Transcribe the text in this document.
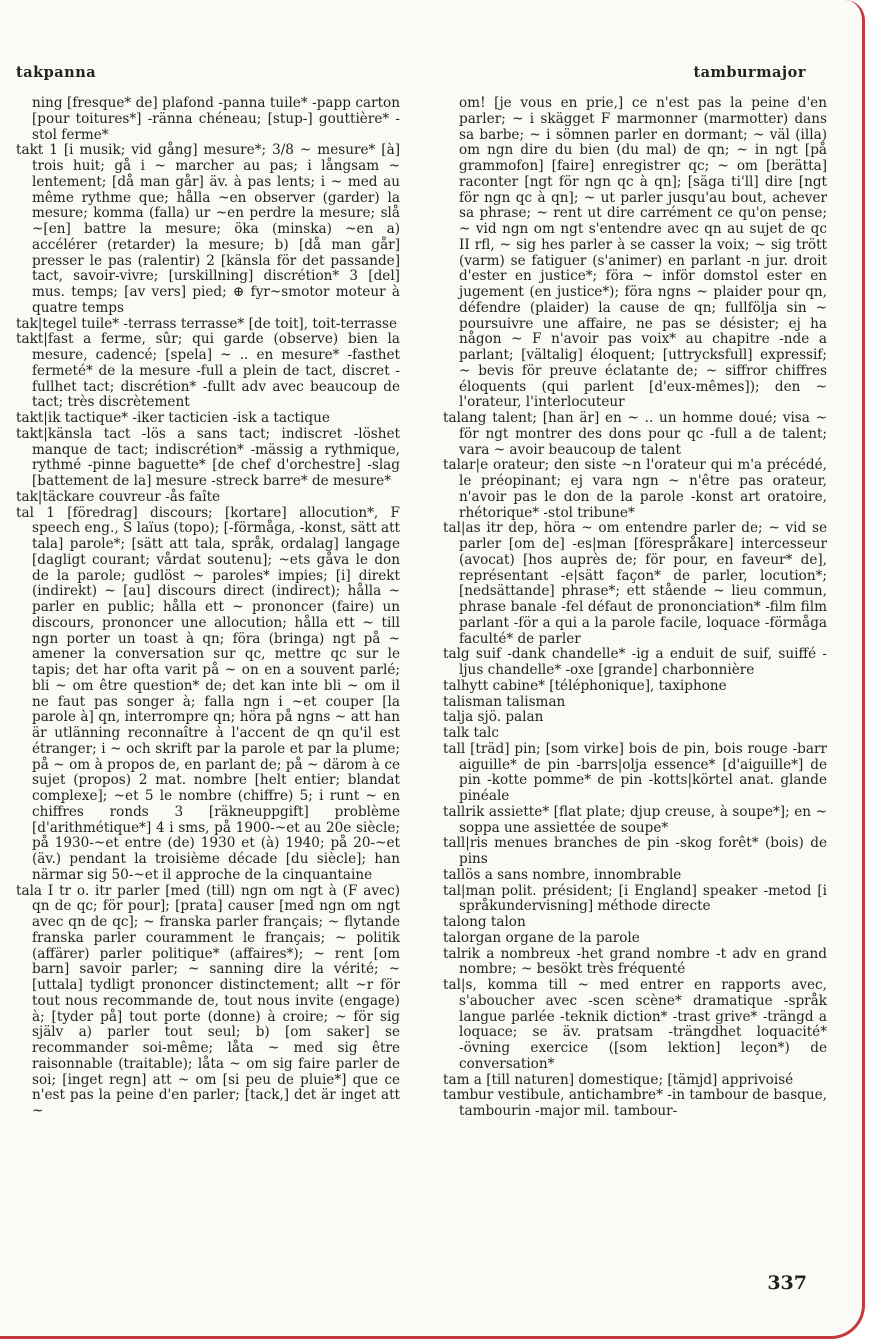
takpanna	tamburmajor

ning [fresque* de] plafond -panna tuile* -papp carton [pour toitures*] -ränna chéneau; [stup-] gouttière* -stol ferme*

takt 1 [i musik; vid gång] mesure*; 3/8 ~ mesure* [à] trois huit; gå i ~ marcher au pas; i långsam ~ lentement; [då man går] äv. à pas lents; i ~ med au même rythme que; hålla ~en observer (garder) la mesure; komma (falla) ur ~en perdre la mesure; slå ~[en] battre la mesure; öka (minska) ~en a) accélérer (retarder) la mesure; b) [då man går] presser le pas (ralentir) 2 [känsla för det passande] tact, savoir-vivre; [urskillning] discrétion* 3 [del] mus. temps; [av vers] pied; ⊕ fyr~smotor moteur à quatre temps

tak|tegel tuile* -terrass terrasse* [de toit], toit-terrasse

takt|fast a ferme, sûr; qui garde (observe) bien la mesure, cadencé; [spela] ~ .. en mesure* -fasthet fermeté* de la mesure -full a plein de tact, discret -fullhet tact; discrétion* -fullt adv avec beaucoup de tact; très discrètement

takt|ik tactique* -iker tacticien -isk a tactique

takt|känsla tact -lös a sans tact; indiscret -löshet manque de tact; indiscrétion* -mässig a rythmique, rythmé -pinne baguette* [de chef d'orchestre] -slag [battement de la] mesure -streck barre* de mesure*

tak|täckare couvreur -ås faîte

tal 1 [föredrag] discours; [kortare] allocution*, F speech eng., S laïus (topo); [-förmåga, -konst, sätt att tala] parole*; [sätt att tala, språk, ordalag] langage [dagligt courant; vårdat soutenu]; ~ets gåva le don de la parole; gudlöst ~ paroles* impies; [i] direkt (indirekt) ~ [au] discours direct (indirect); hålla ~ parler en public; hålla ett ~ prononcer (faire) un discours, prononcer une allocution; hålla ett ~ till ngn porter un toast à qn; föra (bringa) ngt på ~ amener la conversation sur qc, mettre qc sur le tapis; det har ofta varit på ~ on en a souvent parlé; bli ~ om être question* de; det kan inte bli ~ om il ne faut pas songer à; falla ngn i ~et couper [la parole à] qn, interrompre qn; höra på ngns ~ att han är utlänning reconnaître à l'accent de qn qu'il est étranger; i ~ och skrift par la parole et par la plume; på ~ om à propos de, en parlant de; på ~ därom à ce sujet (propos) 2 mat. nombre [helt entier; blandat complexe]; ~et 5 le nombre (chiffre) 5; i runt ~ en chiffres ronds 3 [räkneuppgift] problème [d'arithmétique*] 4 i sms, på 1900-~et au 20e siècle; på 1930-~et entre (de) 1930 et (à) 1940; på 20-~et (äv.) pendant la troisième décade [du siècle]; han närmar sig 50-~et il approche de la cinquantaine

tala I tr o. itr parler [med (till) ngn om ngt à (F avec) qn de qc; för pour]; [prata] causer [med ngn om ngt avec qn de qc]; ~ franska parler français; ~ flytande franska parler couramment le français; ~ politik (affärer) parler politique* (affaires*); ~ rent [om barn] savoir parler; ~ sanning dire la vérité; ~ [uttala] tydligt prononcer distinctement; allt ~r för tout nous recommande de, tout nous invite (engage) à; [tyder på] tout porte (donne) à croire; ~ för sig själv a) parler tout seul; b) [om saker] se recommander soi-même; låta ~ med sig être raisonnable (traitable); låta ~ om sig faire parler de soi; [inget regn] att ~ om [si peu de pluie*] que ce n'est pas la peine d'en parler; [tack,] det är inget att ~

om! [je vous en prie,] ce n'est pas la peine d'en parler; ~ i skägget F marmonner (marmotter) dans sa barbe; ~ i sömnen parler en dormant; ~ väl (illa) om ngn dire du bien (du mal) de qn; ~ in ngt [på grammofon] [faire] enregistrer qc; ~ om [berätta] raconter [ngt för ngn qc à qn]; [säga ti'll] dire [ngt för ngn qc à qn]; ~ ut parler jusqu'au bout, achever sa phrase; ~ rent ut dire carrément ce qu'on pense; ~ vid ngn om ngt s'entendre avec qn au sujet de qc II rfl, ~ sig hes parler à se casser la voix; ~ sig trött (varm) se fatiguer (s'animer) en parlant -n jur. droit d'ester en justice*; föra ~ inför domstol ester en jugement (en justice*); föra ngns ~ plaider pour qn, défendre (plaider) la cause de qn; fullfölja sin ~ poursuivre une affaire, ne pas se désister; ej ha någon ~ F n'avoir pas voix* au chapitre -nde a parlant; [vältalig] éloquent; [uttrycksfull] expressif; ~ bevis för preuve éclatante de; ~ siffror chiffres éloquents (qui parlent [d'eux-mêmes]); den ~ l'orateur, l'interlocuteur

talang talent; [han är] en ~ .. un homme doué; visa ~ för ngt montrer des dons pour qc -full a de talent; vara ~ avoir beaucoup de talent

talar|e orateur; den siste ~n l'orateur qui m'a précédé, le préopinant; ej vara ngn ~ n'être pas orateur, n'avoir pas le don de la parole -konst art oratoire, rhétorique* -stol tribune*

tal|as itr dep, höra ~ om entendre parler de; ~ vid se parler [om de] -es|man [förespråkare] intercesseur (avocat) [hos auprès de; för pour, en faveur* de], représentant -e|sätt façon* de parler, locution*; [nedsättande] phrase*; ett stående ~ lieu commun, phrase banale -fel défaut de prononciation* -film film parlant -för a qui a la parole facile, loquace -förmåga faculté* de parler

talg suif -dank chandelle* -ig a enduit de suif, suiffé -ljus chandelle* -oxe [grande] charbonnière

talhytt cabine* [téléphonique], taxiphone

talisman talisman

talja sjö. palan

talk talc

tall [träd] pin; [som virke] bois de pin, bois rouge -barr aiguille* de pin -barrs|olja essence* [d'aiguille*] de pin -kotte pomme* de pin -kotts|körtel anat. glande pinéale

tallrik assiette* [flat plate; djup creuse, à soupe*]; en ~ soppa une assiettée de soupe*

tall|ris menues branches de pin -skog forêt* (bois) de pins

tallös a sans nombre, innombrable

tal|man polit. président; [i England] speaker -metod [i språkundervisning] méthode directe

talong talon

talorgan organe de la parole

talrik a nombreux -het grand nombre -t adv en grand nombre; ~ besökt très fréquenté

tal|s, komma till ~ med entrer en rapports avec, s'aboucher avec -scen scène* dramatique -språk langue parlée -teknik diction* -trast grive* -trängd a loquace; se äv. pratsam -trängdhet loquacité* -övning exercice ([som lektion] leçon*) de conversation*

tam a [till naturen] domestique; [tämjd] apprivoisé

tambur vestibule, antichambre* -in tambour de basque, tambourin -major mil. tambour-

337
